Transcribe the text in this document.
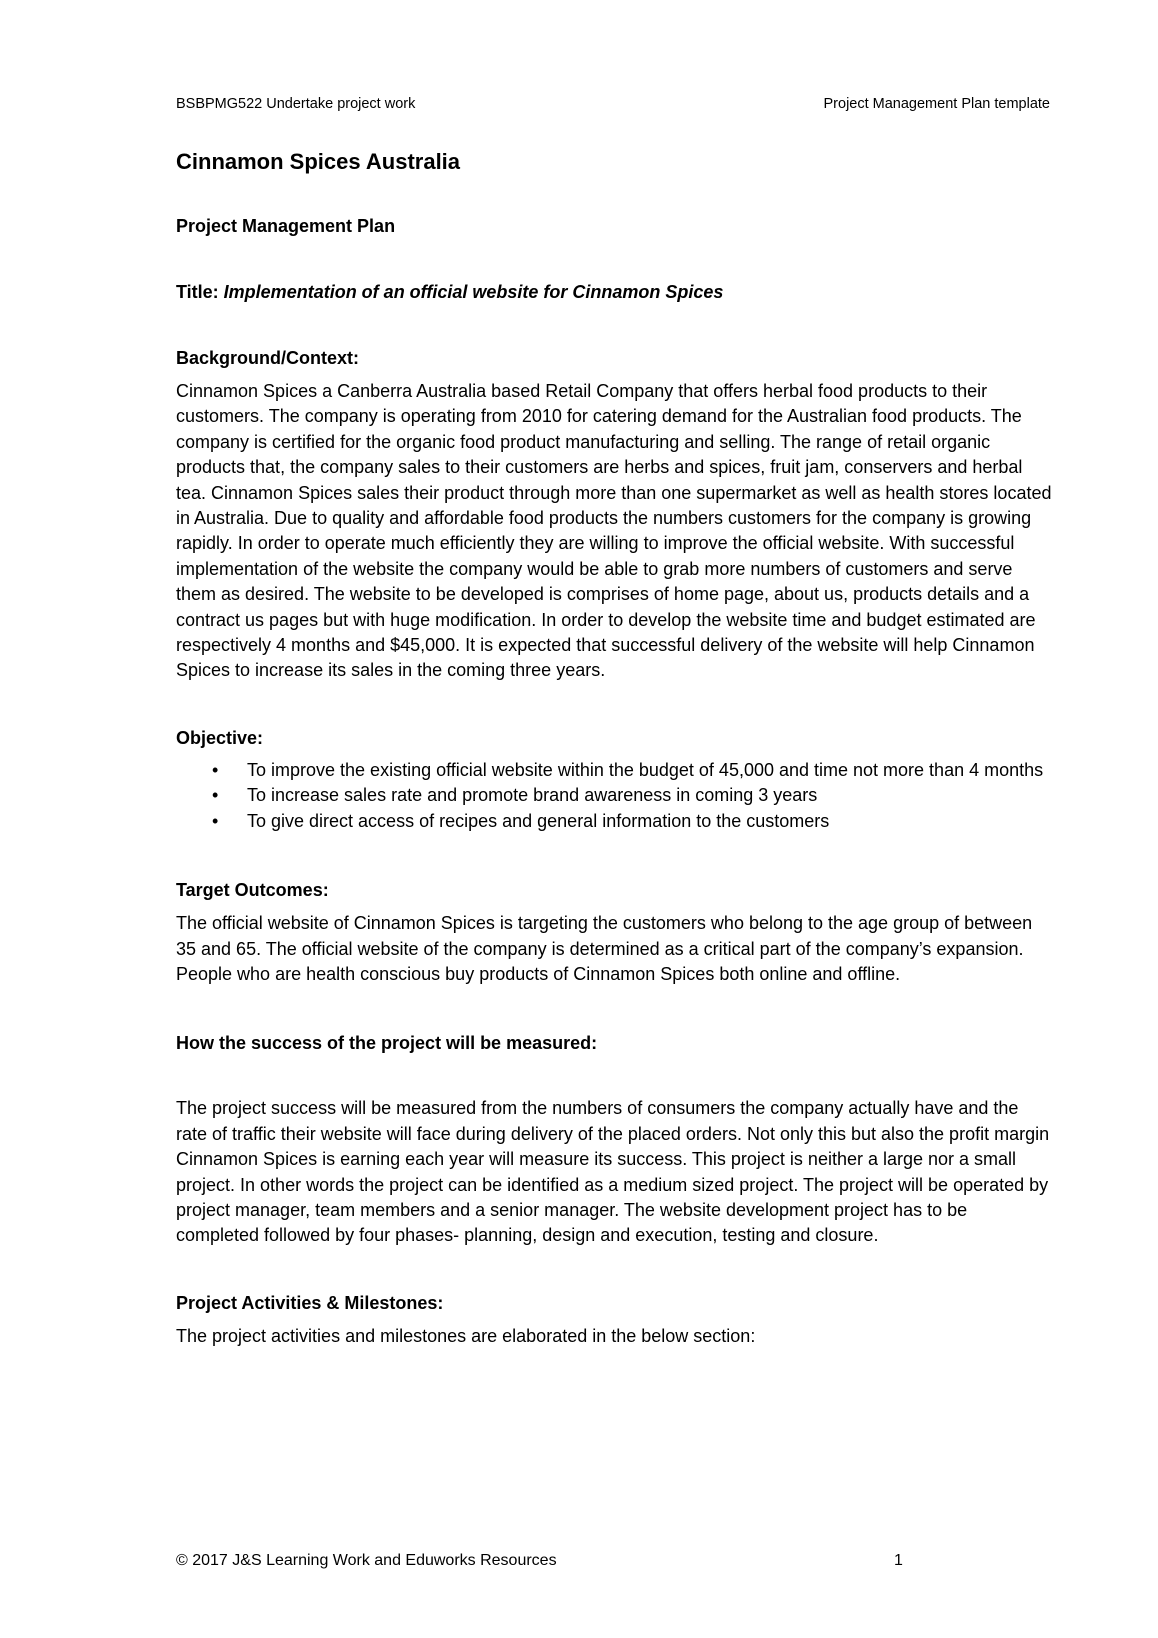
BSBPMG522 Undertake project work	Project Management Plan template
Cinnamon Spices Australia
Project Management Plan
Title: Implementation of an official website for Cinnamon Spices
Background/Context:

Cinnamon Spices a Canberra Australia based Retail Company that offers herbal food products to their customers. The company is operating from 2010 for catering demand for the Australian food products. The company is certified for the organic food product manufacturing and selling. The range of retail organic products that, the company sales to their customers are herbs and spices, fruit jam, conservers and herbal tea. Cinnamon Spices sales their product through more than one supermarket as well as health stores located in Australia. Due to quality and affordable food products the numbers customers for the company is growing rapidly. In order to operate much efficiently they are willing to improve the official website. With successful implementation of the website the company would be able to grab more numbers of customers and serve them as desired. The website to be developed is comprises of home page, about us, products details and a contract us pages but with huge modification. In order to develop the website time and budget estimated are respectively 4 months and $45,000. It is expected that successful delivery of the website will help Cinnamon Spices to increase its sales in the coming three years.

Objective:
• To improve the existing official website within the budget of 45,000 and time not more than 4 months
• To increase sales rate and promote brand awareness in coming 3 years
• To give direct access of recipes and general information to the customers
Target Outcomes:

The official website of Cinnamon Spices is targeting the customers who belong to the age group of between 35 and 65. The official website of the company is determined as a critical part of the company’s expansion. People who are health conscious buy products of Cinnamon Spices both online and offline.

How the success of the project will be measured:

The project success will be measured from the numbers of consumers the company actually have and the rate of traffic their website will face during delivery of the placed orders. Not only this but also the profit margin Cinnamon Spices is earning each year will measure its success. This project is neither a large nor a small project. In other words the project can be identified as a medium sized project. The project will be operated by project manager, team members and a senior manager. The website development project has to be completed followed by four phases- planning, design and execution, testing and closure.

Project Activities & Milestones:

The project activities and milestones are elaborated in the below section:

© 2017 J&S Learning Work and Eduworks Resources	1
